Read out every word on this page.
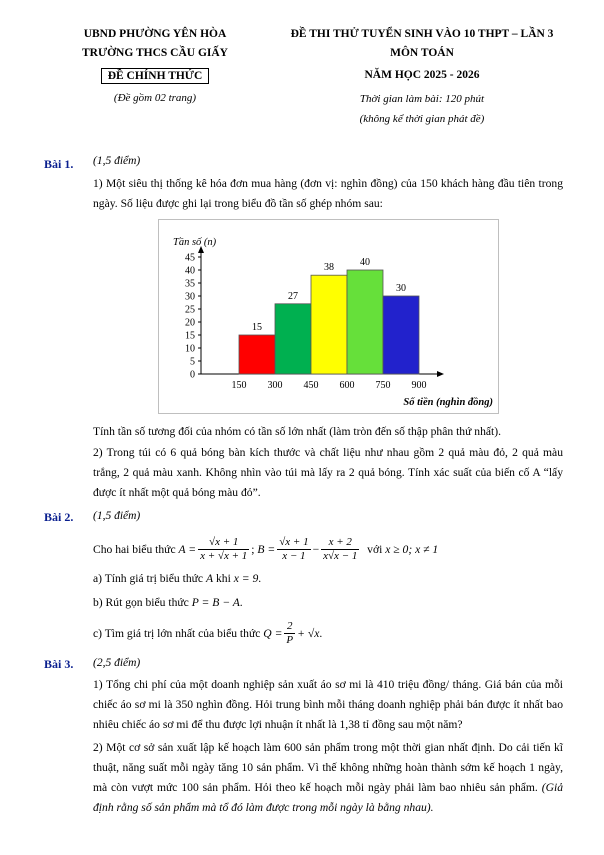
UBND PHƯỜNG YÊN HÒA
TRƯỜNG THCS CẦU GIẤY
ĐỀ CHÍNH THỨC
(Đề gồm 02 trang)
ĐỀ THI THỬ TUYỂN SINH VÀO 10 THPT – LẦN 3
MÔN TOÁN
NĂM HỌC 2025 - 2026
Thời gian làm bài: 120 phút
(không kể thời gian phát đề)
Bài 1. (1,5 điểm)
1) Một siêu thị thống kê hóa đơn mua hàng (đơn vị: nghìn đồng) của 150 khách hàng đầu tiên trong ngày. Số liệu được ghi lại trong biểu đồ tần số ghép nhóm sau:
0
5
10
15
20
25
30
35
40
45
15
27
38	40
30
150 300 450 600 750 900
Tần số (n)
Số tiền (nghìn đồng)
Tính tần số tương đối của nhóm có tần số lớn nhất (làm tròn đến số thập phân thứ nhất).
2) Trong túi có 6 quả bóng bàn kích thước và chất liệu như nhau gồm 2 quả màu đỏ, 2 quả màu trắng, 2 quả màu xanh. Không nhìn vào túi mà lấy ra 2 quả bóng. Tính xác suất của biến cố A “lấy được ít nhất một quả bóng màu đỏ”.
Bài 2. (1,5 điểm)
Cho hai biểu thức
$A = \frac{√x + 1}{x + √x + 1}$ ;
$B = \frac{√x + 1}{x - 1} - \frac{x + 2}{x√x - 1}$
với
x ≥ 0; x ≠ 1
a) Tính giá trị biểu thức A khi x = 9.
b) Rút gọn biểu thức P = B − A.
c) Tìm giá trị lớn nhất của biểu thức
$Q = \frac{2}{P} + √x$ .
Bài 3. (2,5 điểm)
1) Tổng chi phí của một doanh nghiệp sản xuất áo sơ mi là 410 triệu đồng/ tháng. Giá bán của mỗi chiếc áo sơ mi là 350 nghìn đồng. Hỏi trung bình mỗi tháng doanh nghiệp phải bán được ít nhất bao nhiêu chiếc áo sơ mi để thu được lợi nhuận ít nhất là 1,38 tỉ đồng sau một năm?
2) Một cơ sở sản xuất lập kế hoạch làm 600 sản phẩm trong một thời gian nhất định. Do cải tiến kĩ thuật, năng suất mỗi ngày tăng 10 sản phẩm. Vì thế không những hoàn thành sớm kế hoạch 1 ngày, mà còn vượt mức 100 sản phẩm. Hỏi theo kế hoạch mỗi ngày phải làm bao nhiêu sản phẩm. (Giả định rằng số sản phẩm mà tổ đó làm được trong mỗi ngày là bằng nhau).
